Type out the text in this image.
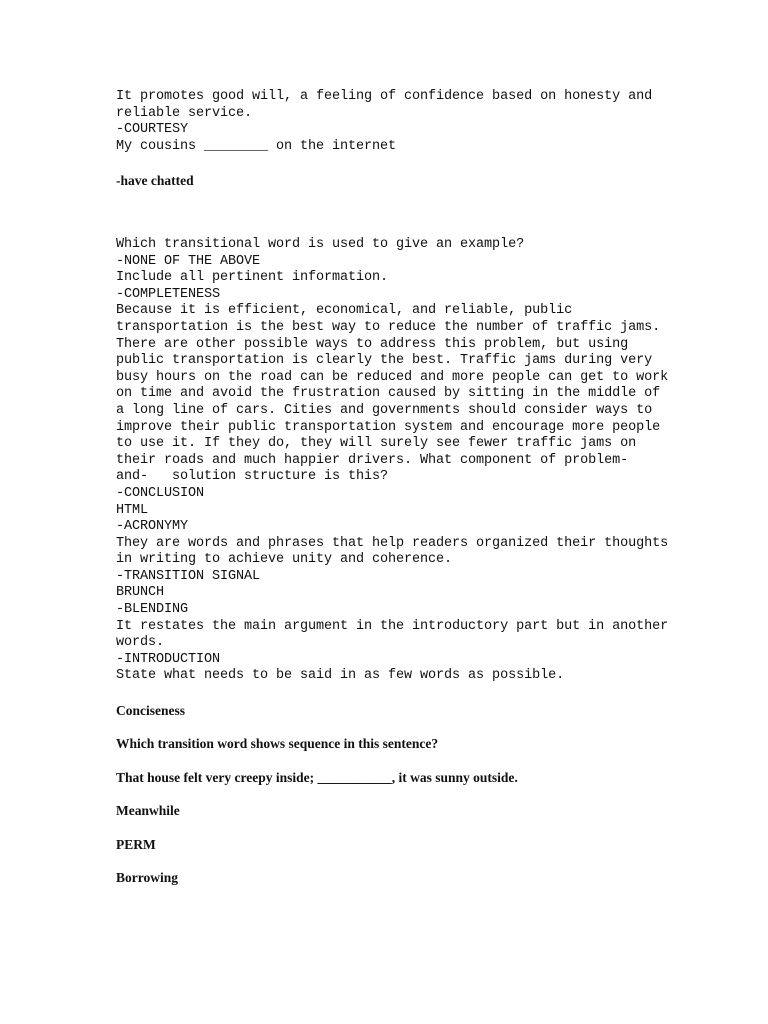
It promotes good will, a feeling of confidence based on honesty and
reliable service.
-COURTESY
My cousins ________ on the internet
-have chatted
Which transitional word is used to give an example?
-NONE OF THE ABOVE
Include all pertinent information.
-COMPLETENESS
Because it is efficient, economical, and reliable, public
transportation is the best way to reduce the number of traffic jams.
There are other possible ways to address this problem, but using
public transportation is clearly the best. Traffic jams during very
busy hours on the road can be reduced and more people can get to work
on time and avoid the frustration caused by sitting in the middle of
a long line of cars. Cities and governments should consider ways to
improve their public transportation system and encourage more people
to use it. If they do, they will surely see fewer traffic jams on
their roads and much happier drivers. What component of problem-
and-   solution structure is this?
-CONCLUSION
HTML
-ACRONYMY
They are words and phrases that help readers organized their thoughts
in writing to achieve unity and coherence.
-TRANSITION SIGNAL
BRUNCH
-BLENDING
It restates the main argument in the introductory part but in another
words.
-INTRODUCTION
State what needs to be said in as few words as possible.
Conciseness
Which transition word shows sequence in this sentence?
That house felt very creepy inside; ___________, it was sunny outside.
Meanwhile
PERM
Borrowing
